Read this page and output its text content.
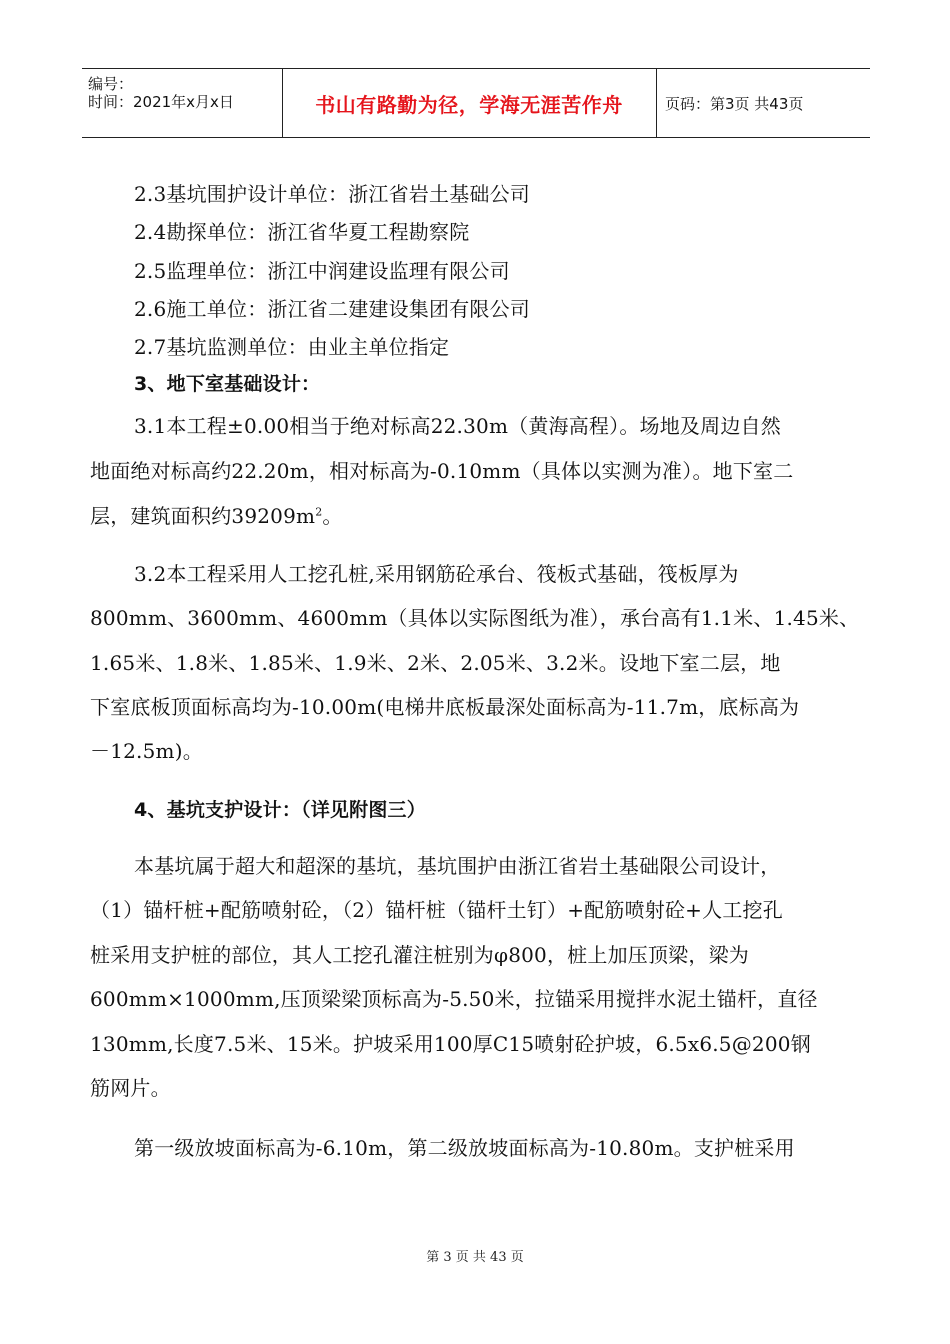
编号：
时间：2021年x月x日	书山有路勤为径，学海无涯苦作舟	页码：第3页 共43页
2.3基坑围护设计单位：浙江省岩土基础公司
2.4勘探单位：浙江省华夏工程勘察院
2.5监理单位：浙江中润建设监理有限公司
2.6施工单位：浙江省二建建设集团有限公司
2.7基坑监测单位：由业主单位指定
3、地下室基础设计：
3.1本工程±0.00相当于绝对标高22.30m（黄海高程）。场地及周边自然
地面绝对标高约22.20m，相对标高为-0.10mm（具体以实测为准）。地下室二
层，建筑面积约$39209m^2$。
3.2本工程采用人工挖孔桩,采用钢筋砼承台、筏板式基础，筏板厚为
800mm、3600mm、4600mm（具体以实际图纸为准），承台高有1.1米、1.45米、
1.65米、1.8米、1.85米、1.9米、2米、2.05米、3.2米。设地下室二层，地
下室底板顶面标高均为-10.00m(电梯井底板最深处面标高为-11.7m，底标高为
－12.5m)。
4、基坑支护设计：（详见附图三）
本基坑属于超大和超深的基坑，基坑围护由浙江省岩土基础限公司设计，
（1）锚杆桩+配筋喷射砼，（2）锚杆桩（锚杆土钉）+配筋喷射砼+人工挖孔
桩采用支护桩的部位，其人工挖孔灌注桩别为φ800，桩上加压顶梁，梁为
600mm×1000mm,压顶梁梁顶标高为-5.50米，拉锚采用搅拌水泥土锚杆，直径
130mm,长度7.5米、15米。护坡采用100厚C15喷射砼护坡，6.5x6.5@200钢
筋网片。
第一级放坡面标高为-6.10m，第二级放坡面标高为-10.80m。支护桩采用
第 3 页 共 43 页
